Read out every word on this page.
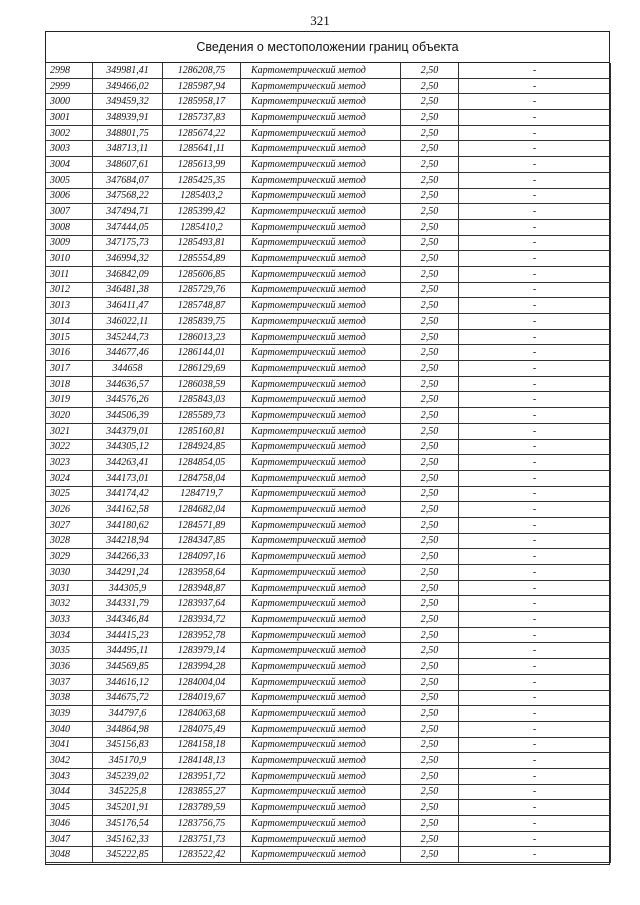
321
Сведения о местоположении границ объекта
2998	349981,41	1286208,75	Картометрический метод	2,50	-
2999	349466,02	1285987,94	Картометрический метод	2,50	-
3000	349459,32	1285958,17	Картометрический метод	2,50	-
3001	348939,91	1285737,83	Картометрический метод	2,50	-
3002	348801,75	1285674,22	Картометрический метод	2,50	-
3003	348713,11	1285641,11	Картометрический метод	2,50	-
3004	348607,61	1285613,99	Картометрический метод	2,50	-
3005	347684,07	1285425,35	Картометрический метод	2,50	-
3006	347568,22	1285403,2	Картометрический метод	2,50	-
3007	347494,71	1285399,42	Картометрический метод	2,50	-
3008	347444,05	1285410,2	Картометрический метод	2,50	-
3009	347175,73	1285493,81	Картометрический метод	2,50	-
3010	346994,32	1285554,89	Картометрический метод	2,50	-
3011	346842,09	1285606,85	Картометрический метод	2,50	-
3012	346481,38	1285729,76	Картометрический метод	2,50	-
3013	346411,47	1285748,87	Картометрический метод	2,50	-
3014	346022,11	1285839,75	Картометрический метод	2,50	-
3015	345244,73	1286013,23	Картометрический метод	2,50	-
3016	344677,46	1286144,01	Картометрический метод	2,50	-
3017	344658	1286129,69	Картометрический метод	2,50	-
3018	344636,57	1286038,59	Картометрический метод	2,50	-
3019	344576,26	1285843,03	Картометрический метод	2,50	-
3020	344506,39	1285589,73	Картометрический метод	2,50	-
3021	344379,01	1285160,81	Картометрический метод	2,50	-
3022	344305,12	1284924,85	Картометрический метод	2,50	-
3023	344263,41	1284854,05	Картометрический метод	2,50	-
3024	344173,01	1284758,04	Картометрический метод	2,50	-
3025	344174,42	1284719,7	Картометрический метод	2,50	-
3026	344162,58	1284682,04	Картометрический метод	2,50	-
3027	344180,62	1284571,89	Картометрический метод	2,50	-
3028	344218,94	1284347,85	Картометрический метод	2,50	-
3029	344266,33	1284097,16	Картометрический метод	2,50	-
3030	344291,24	1283958,64	Картометрический метод	2,50	-
3031	344305,9	1283948,87	Картометрический метод	2,50	-
3032	344331,79	1283937,64	Картометрический метод	2,50	-
3033	344346,84	1283934,72	Картометрический метод	2,50	-
3034	344415,23	1283952,78	Картометрический метод	2,50	-
3035	344495,11	1283979,14	Картометрический метод	2,50	-
3036	344569,85	1283994,28	Картометрический метод	2,50	-
3037	344616,12	1284004,04	Картометрический метод	2,50	-
3038	344675,72	1284019,67	Картометрический метод	2,50	-
3039	344797,6	1284063,68	Картометрический метод	2,50	-
3040	344864,98	1284075,49	Картометрический метод	2,50	-
3041	345156,83	1284158,18	Картометрический метод	2,50	-
3042	345170,9	1284148,13	Картометрический метод	2,50	-
3043	345239,02	1283951,72	Картометрический метод	2,50	-
3044	345225,8	1283855,27	Картометрический метод	2,50	-
3045	345201,91	1283789,59	Картометрический метод	2,50	-
3046	345176,54	1283756,75	Картометрический метод	2,50	-
3047	345162,33	1283751,73	Картометрический метод	2,50	-
3048	345222,85	1283522,42	Картометрический метод	2,50	-
